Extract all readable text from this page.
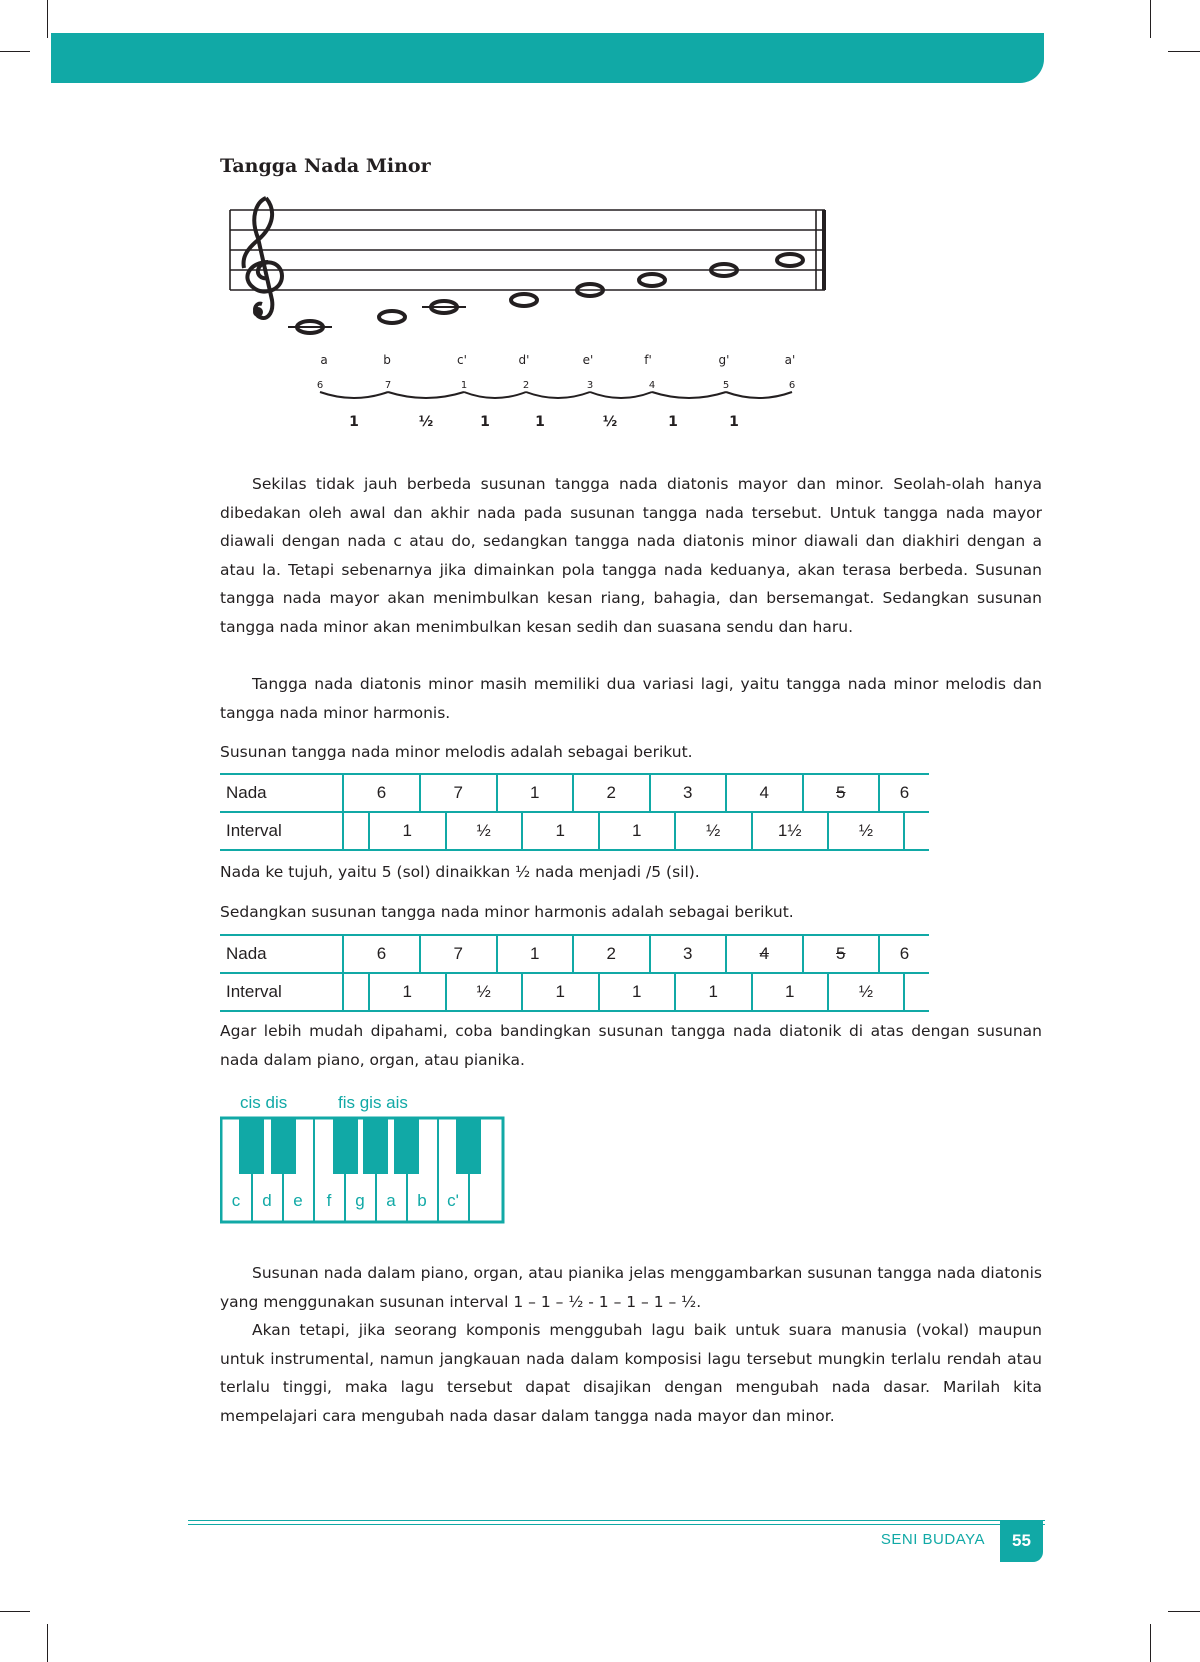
Tangga Nada Minor
a	b	c'	d'	e'	f'	g'	a'
6	7	1	2	3	4	5	6
1	½	1	1	½	1	1

Sekilas tidak jauh berbeda susunan tangga nada diatonis mayor dan minor. Seolah-olah hanya dibedakan oleh awal dan akhir nada pada susunan tangga nada tersebut. Untuk tangga nada mayor diawali dengan nada c atau do, sedangkan tangga nada diatonis minor diawali dan diakhiri dengan a atau la. Tetapi sebenarnya jika dimainkan pola tangga nada keduanya, akan terasa berbeda. Susunan tangga nada mayor akan menimbulkan kesan riang, bahagia, dan bersemangat. Sedangkan susunan tangga nada minor akan menimbulkan kesan sedih dan suasana sendu dan haru.

Tangga nada diatonis minor masih memiliki dua variasi lagi, yaitu tangga nada minor melodis dan tangga nada minor harmonis.

Susunan tangga nada minor melodis adalah sebagai berikut.
Nada	6		7		1		2		3		4		5		6	
Interval		1		½		1		1		½		1½		½		
Nada ke tujuh, yaitu 5 (sol) dinaikkan ½ nada menjadi /5 (sil).
Sedangkan susunan tangga nada minor harmonis adalah sebagai berikut.
Nada	6		7		1		2		3		4		5		6	
Interval		1		½		1		1		1		1		½		

Agar lebih mudah dipahami, coba bandingkan susunan tangga nada diatonik di atas dengan susunan nada dalam piano, organ, atau pianika.

cis dis	fis gis ais
c d e f g a b c'

Susunan nada dalam piano, organ, atau pianika jelas menggambarkan susunan tangga nada diatonis yang menggunakan susunan interval 1 – 1 – ½ - 1 – 1 – 1 – ½.

Akan tetapi, jika seorang komponis menggubah lagu baik untuk suara manusia (vokal) maupun untuk instrumental, namun jangkauan nada dalam komposisi lagu tersebut mungkin terlalu rendah atau terlalu tinggi, maka lagu tersebut dapat disajikan dengan mengubah nada dasar. Marilah kita mempelajari cara mengubah nada dasar dalam tangga nada mayor dan minor.

SENI BUDAYA	55
